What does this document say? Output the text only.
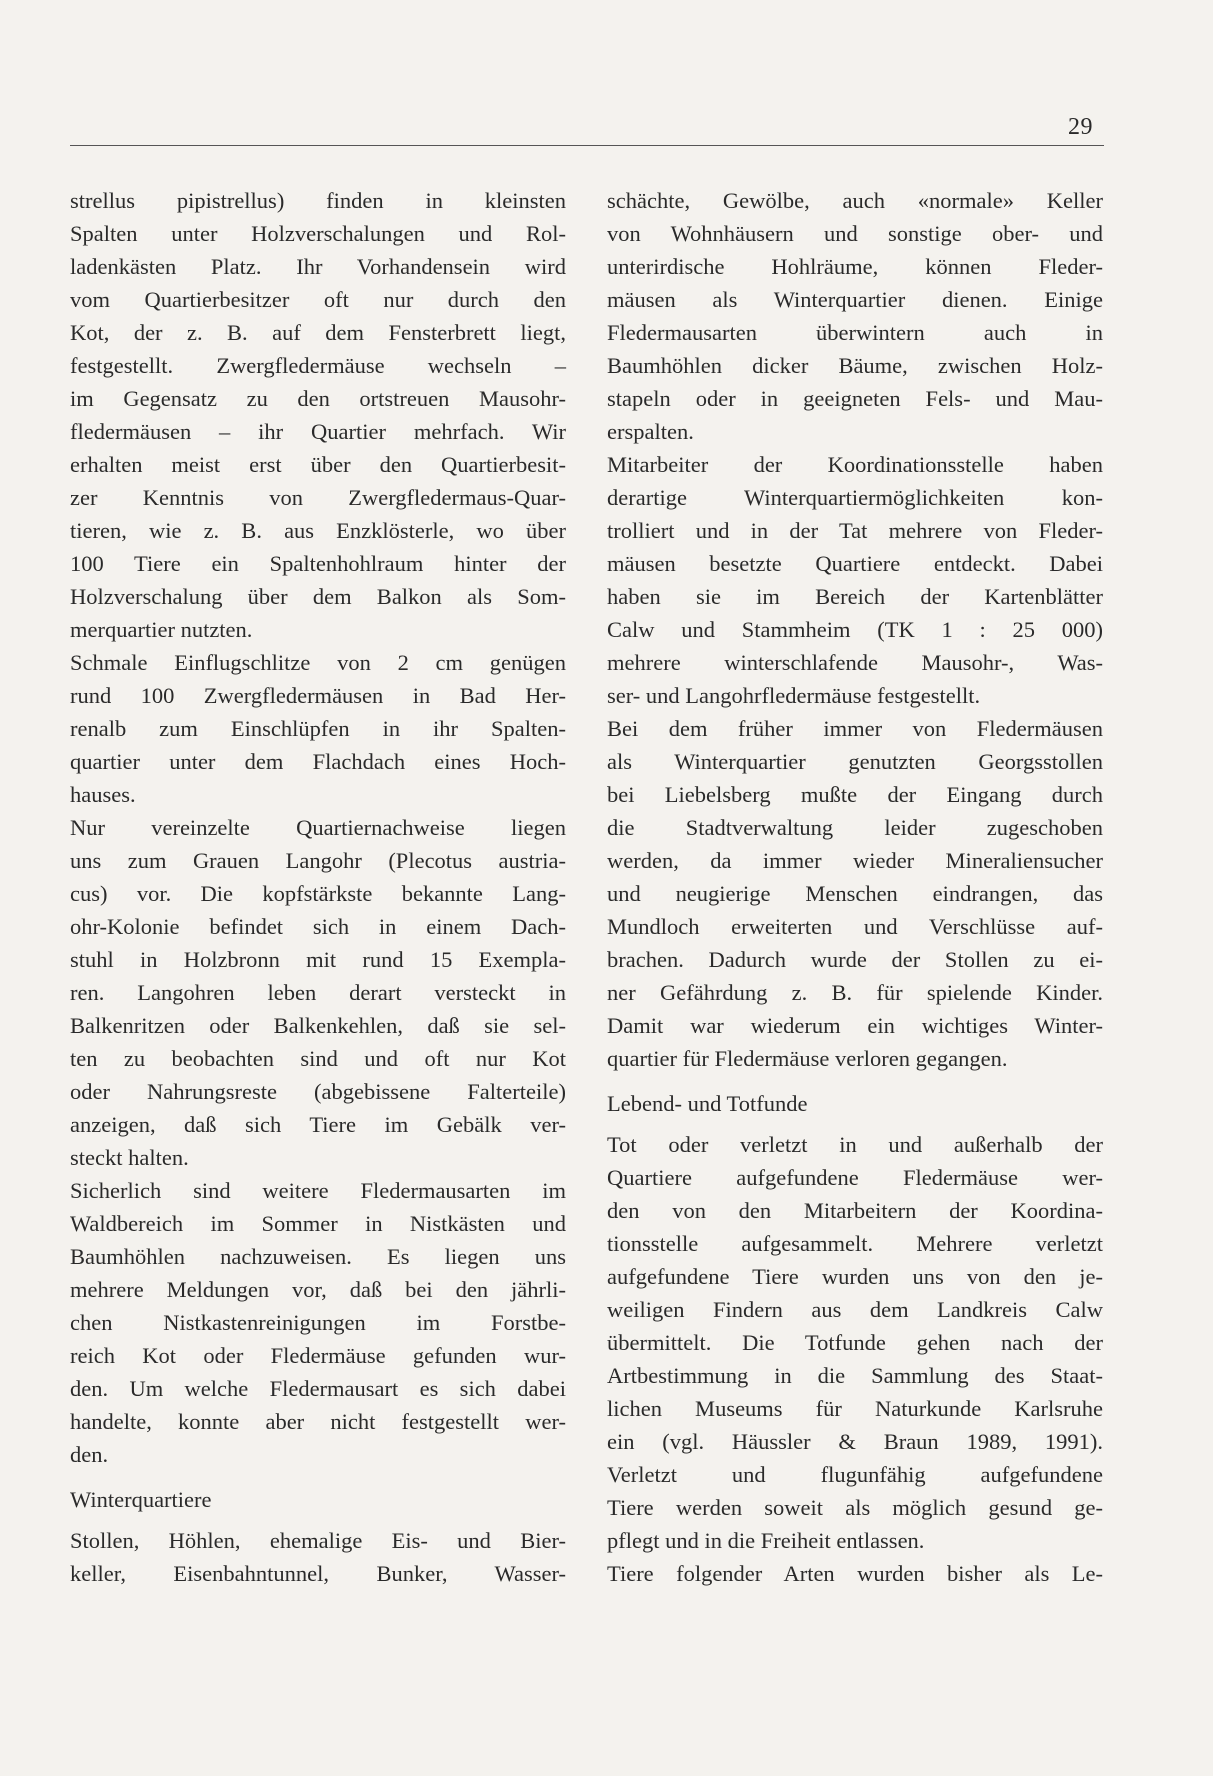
29
strellus pipistrellus) finden in kleinsten
Spalten unter Holzverschalungen und Rol-
ladenkästen Platz. Ihr Vorhandensein wird
vom Quartierbesitzer oft nur durch den
Kot, der z. B. auf dem Fensterbrett liegt,
festgestellt. Zwergfledermäuse wechseln –
im Gegensatz zu den ortstreuen Mausohr-
fledermäusen – ihr Quartier mehrfach. Wir
erhalten meist erst über den Quartierbesit-
zer Kenntnis von Zwergfledermaus-Quar-
tieren, wie z. B. aus Enzklösterle, wo über
100 Tiere ein Spaltenhohlraum hinter der
Holzverschalung über dem Balkon als Som-
merquartier nutzten.
Schmale Einflugschlitze von 2 cm genügen
rund 100 Zwergfledermäusen in Bad Her-
renalb zum Einschlüpfen in ihr Spalten-
quartier unter dem Flachdach eines Hoch-
hauses.
Nur vereinzelte Quartiernachweise liegen
uns zum Grauen Langohr (Plecotus austria-
cus) vor. Die kopfstärkste bekannte Lang-
ohr-Kolonie befindet sich in einem Dach-
stuhl in Holzbronn mit rund 15 Exempla-
ren. Langohren leben derart versteckt in
Balkenritzen oder Balkenkehlen, daß sie sel-
ten zu beobachten sind und oft nur Kot
oder Nahrungsreste (abgebissene Falterteile)
anzeigen, daß sich Tiere im Gebälk ver-
steckt halten.
Sicherlich sind weitere Fledermausarten im
Waldbereich im Sommer in Nistkästen und
Baumhöhlen nachzuweisen. Es liegen uns
mehrere Meldungen vor, daß bei den jährli-
chen Nistkastenreinigungen im Forstbe-
reich Kot oder Fledermäuse gefunden wur-
den. Um welche Fledermausart es sich dabei
handelte, konnte aber nicht festgestellt wer-
den.
Winterquartiere
Stollen, Höhlen, ehemalige Eis- und Bier-
keller, Eisenbahntunnel, Bunker, Wasser-
schächte, Gewölbe, auch «normale» Keller
von Wohnhäusern und sonstige ober- und
unterirdische Hohlräume, können Fleder-
mäusen als Winterquartier dienen. Einige
Fledermausarten überwintern auch in
Baumhöhlen dicker Bäume, zwischen Holz-
stapeln oder in geeigneten Fels- und Mau-
erspalten.
Mitarbeiter der Koordinationsstelle haben
derartige Winterquartiermöglichkeiten kon-
trolliert und in der Tat mehrere von Fleder-
mäusen besetzte Quartiere entdeckt. Dabei
haben sie im Bereich der Kartenblätter
Calw und Stammheim (TK 1 : 25 000)
mehrere winterschlafende Mausohr-, Was-
ser- und Langohrfledermäuse festgestellt.
Bei dem früher immer von Fledermäusen
als Winterquartier genutzten Georgsstollen
bei Liebelsberg mußte der Eingang durch
die Stadtverwaltung leider zugeschoben
werden, da immer wieder Mineraliensucher
und neugierige Menschen eindrangen, das
Mundloch erweiterten und Verschlüsse auf-
brachen. Dadurch wurde der Stollen zu ei-
ner Gefährdung z. B. für spielende Kinder.
Damit war wiederum ein wichtiges Winter-
quartier für Fledermäuse verloren gegangen.
Lebend- und Totfunde
Tot oder verletzt in und außerhalb der
Quartiere aufgefundene Fledermäuse wer-
den von den Mitarbeitern der Koordina-
tionsstelle aufgesammelt. Mehrere verletzt
aufgefundene Tiere wurden uns von den je-
weiligen Findern aus dem Landkreis Calw
übermittelt. Die Totfunde gehen nach der
Artbestimmung in die Sammlung des Staat-
lichen Museums für Naturkunde Karlsruhe
ein (vgl. Häussler & Braun 1989, 1991).
Verletzt und flugunfähig aufgefundene
Tiere werden soweit als möglich gesund ge-
pflegt und in die Freiheit entlassen.
Tiere folgender Arten wurden bisher als Le-
